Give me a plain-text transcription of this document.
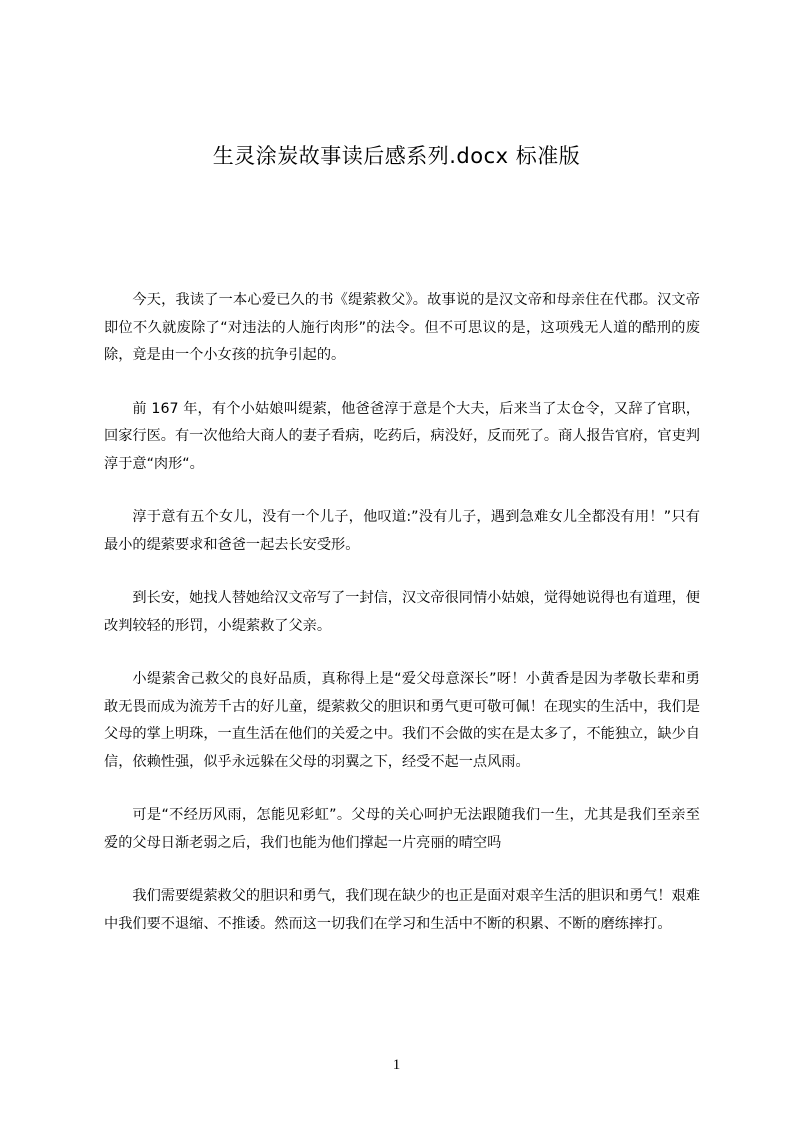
生灵涂炭故事读后感系列.docx 标准版

今天，我读了一本心爱已久的书《缇萦救父》。故事说的是汉文帝和母亲住在代郡。汉文帝即位不久就废除了“对违法的人施行肉形”的法令。但不可思议的是，这项残无人道的酷刑的废除，竟是由一个小女孩的抗争引起的。

前 167 年，有个小姑娘叫缇萦，他爸爸淳于意是个大夫，后来当了太仓令，又辞了官职，回家行医。有一次他给大商人的妻子看病，吃药后，病没好，反而死了。商人报告官府，官吏判淳于意“肉形“。

淳于意有五个女儿，没有一个儿子，他叹道:”没有儿子，遇到急难女儿全都没有用！”只有最小的缇萦要求和爸爸一起去长安受形。

到长安，她找人替她给汉文帝写了一封信，汉文帝很同情小姑娘，觉得她说得也有道理，便改判较轻的形罚，小缇萦救了父亲。

小缇萦舍己救父的良好品质，真称得上是“爱父母意深长”呀！小黄香是因为孝敬长辈和勇敢无畏而成为流芳千古的好儿童，缇萦救父的胆识和勇气更可敬可佩！在现实的生活中，我们是父母的掌上明珠，一直生活在他们的关爱之中。我们不会做的实在是太多了，不能独立，缺少自信，依赖性强，似乎永远躲在父母的羽翼之下，经受不起一点风雨。

可是“不经历风雨，怎能见彩虹”。父母的关心呵护无法跟随我们一生，尤其是我们至亲至爱的父母日渐老弱之后，我们也能为他们撑起一片亮丽的晴空吗

我们需要缇萦救父的胆识和勇气，我们现在缺少的也正是面对艰辛生活的胆识和勇气！艰难中我们要不退缩、不推诿。然而这一切我们在学习和生活中不断的积累、不断的磨练摔打。

1
